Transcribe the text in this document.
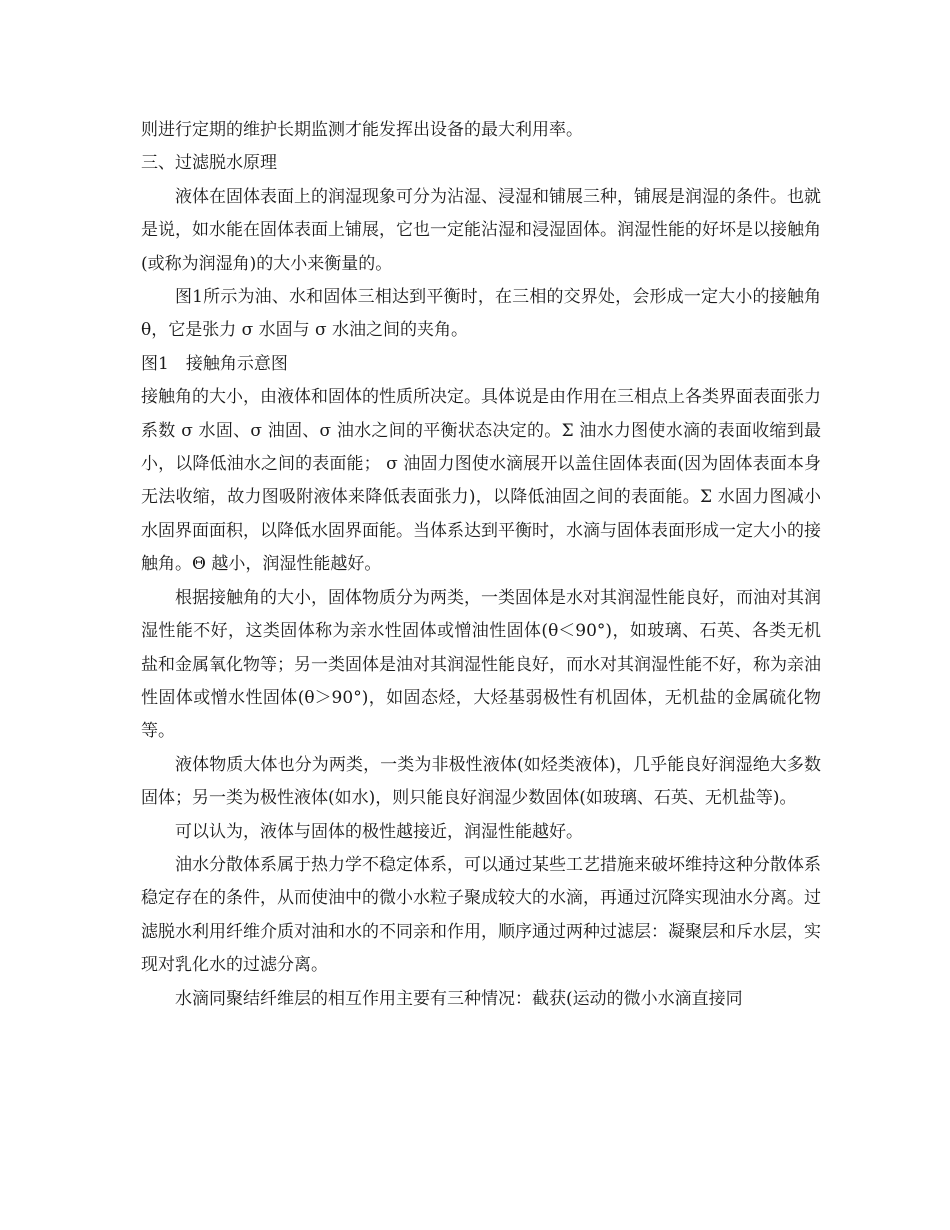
则进行定期的维护长期监测才能发挥出设备的最大利用率。

三、过滤脱水原理

液体在固体表面上的润湿现象可分为沾湿、浸湿和铺展三种，铺展是润湿的条件。也就是说，如水能在固体表面上铺展，它也一定能沾湿和浸湿固体。润湿性能的好坏是以接触角(或称为润湿角)的大小来衡量的。

图1所示为油、水和固体三相达到平衡时，在三相的交界处，会形成一定大小的接触角 θ，它是张力 σ 水固与 σ 水油之间的夹角。

图1　接触角示意图

接触角的大小，由液体和固体的性质所决定。具体说是由作用在三相点上各类界面表面张力系数 σ 水固、σ 油固、σ 油水之间的平衡状态决定的。Σ 油水力图使水滴的表面收缩到最小，以降低油水之间的表面能； σ 油固力图使水滴展开以盖住固体表面(因为固体表面本身无法收缩，故力图吸附液体来降低表面张力)，以降低油固之间的表面能。Σ 水固力图减小水固界面面积，以降低水固界面能。当体系达到平衡时，水滴与固体表面形成一定大小的接触角。Θ 越小，润湿性能越好。

根据接触角的大小，固体物质分为两类，一类固体是水对其润湿性能良好，而油对其润湿性能不好，这类固体称为亲水性固体或憎油性固体(θ＜90°)，如玻璃、石英、各类无机盐和金属氧化物等；另一类固体是油对其润湿性能良好，而水对其润湿性能不好，称为亲油性固体或憎水性固体(θ＞90°)，如固态烃，大烃基弱极性有机固体，无机盐的金属硫化物等。

液体物质大体也分为两类，一类为非极性液体(如烃类液体)，几乎能良好润湿绝大多数固体；另一类为极性液体(如水)，则只能良好润湿少数固体(如玻璃、石英、无机盐等)。

可以认为，液体与固体的极性越接近，润湿性能越好。

油水分散体系属于热力学不稳定体系，可以通过某些工艺措施来破坏维持这种分散体系稳定存在的条件，从而使油中的微小水粒子聚成较大的水滴，再通过沉降实现油水分离。过滤脱水利用纤维介质对油和水的不同亲和作用，顺序通过两种过滤层：凝聚层和斥水层，实现对乳化水的过滤分离。

水滴同聚结纤维层的相互作用主要有三种情况：截获(运动的微小水滴直接同
